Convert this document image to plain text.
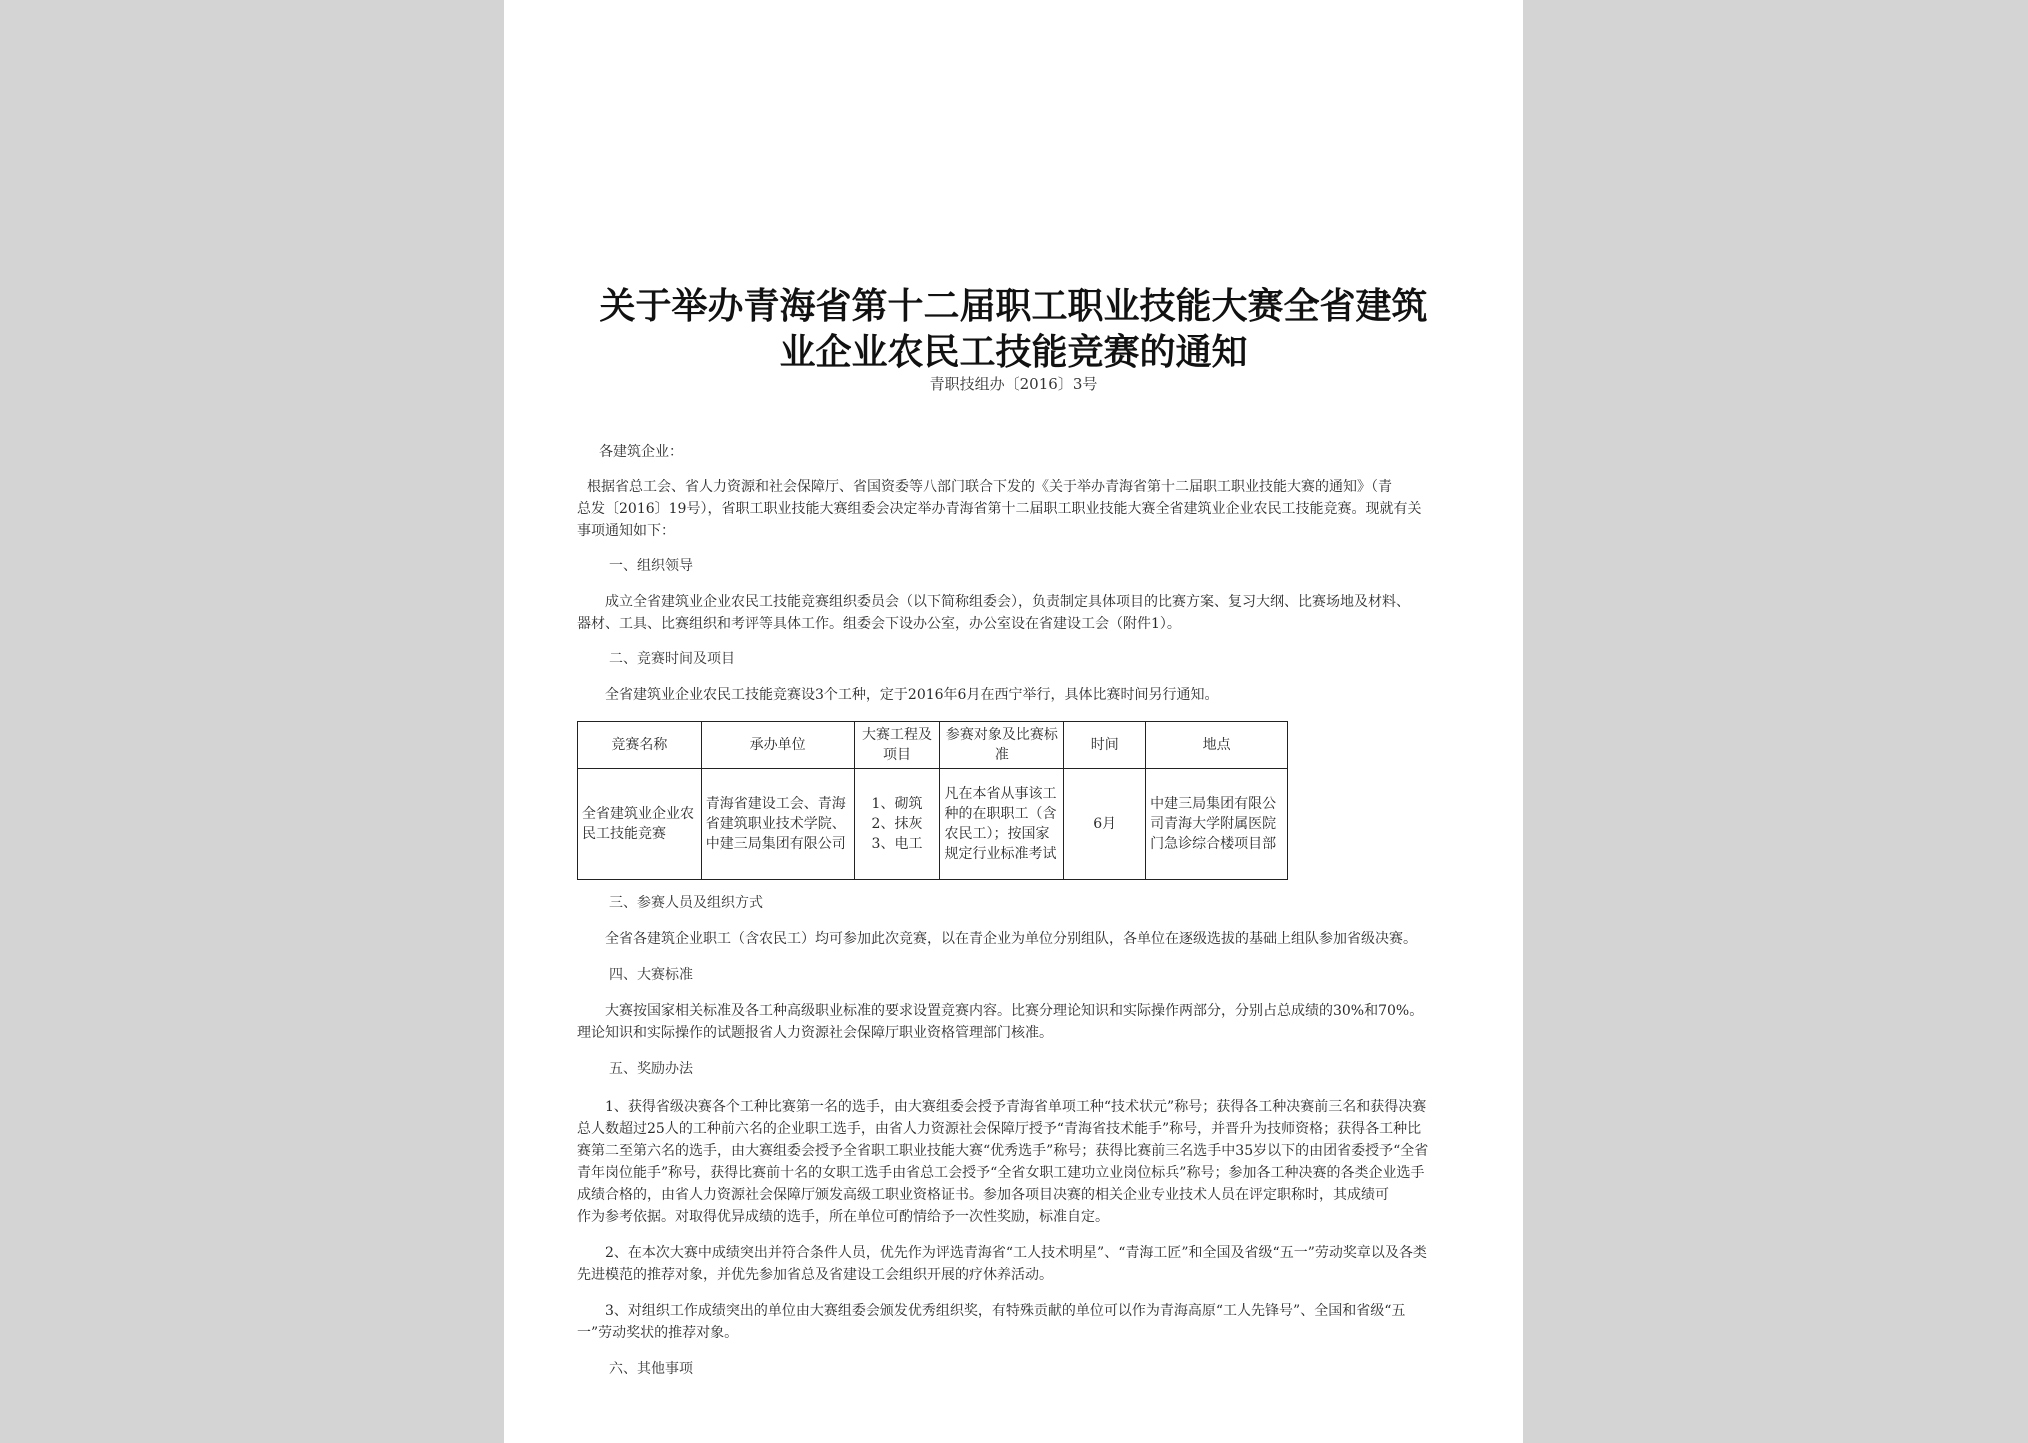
关于举办青海省第十二届职工职业技能大赛全省建筑
业企业农民工技能竞赛的通知
青职技组办〔2016〕3号
各建筑企业：
根据省总工会、省人力资源和社会保障厅、省国资委等八部门联合下发的《关于举办青海省第十二届职工职业技能大赛的通知》（青
总发〔2016〕19号），省职工职业技能大赛组委会决定举办青海省第十二届职工职业技能大赛全省建筑业企业农民工技能竞赛。现就有关
事项通知如下：
一、组织领导
成立全省建筑业企业农民工技能竞赛组织委员会（以下简称组委会），负责制定具体项目的比赛方案、复习大纲、比赛场地及材料、
器材、工具、比赛组织和考评等具体工作。组委会下设办公室，办公室设在省建设工会（附件1）。
二、竞赛时间及项目
全省建筑业企业农民工技能竞赛设3个工种，定于2016年6月在西宁举行，具体比赛时间另行通知。
竞赛名称	承办单位	大赛工程及项目	参赛对象及比赛标准	时间	地点
全省建筑业企业农民工技能竞赛	青海省建设工会、青海省建筑职业技术学院、中建三局集团有限公司	1、砌筑
2、抹灰
3、电工	凡在本省从事该工种的在职职工（含农民工）；按国家规定行业标准考试	6月	中建三局集团有限公司青海大学附属医院门急诊综合楼项目部
三、参赛人员及组织方式
全省各建筑企业职工（含农民工）均可参加此次竞赛，以在青企业为单位分别组队，各单位在逐级选拔的基础上组队参加省级决赛。
四、大赛标准
大赛按国家相关标准及各工种高级职业标准的要求设置竞赛内容。比赛分理论知识和实际操作两部分，分别占总成绩的30%和70%。
理论知识和实际操作的试题报省人力资源社会保障厅职业资格管理部门核准。
五、奖励办法
1、获得省级决赛各个工种比赛第一名的选手，由大赛组委会授予青海省单项工种“技术状元”称号；获得各工种决赛前三名和获得决赛
总人数超过25人的工种前六名的企业职工选手，由省人力资源社会保障厅授予“青海省技术能手”称号，并晋升为技师资格；获得各工种比
赛第二至第六名的选手，由大赛组委会授予全省职工职业技能大赛“优秀选手”称号；获得比赛前三名选手中35岁以下的由团省委授予“全省
青年岗位能手”称号，获得比赛前十名的女职工选手由省总工会授予“全省女职工建功立业岗位标兵”称号；参加各工种决赛的各类企业选手
成绩合格的，由省人力资源社会保障厅颁发高级工职业资格证书。参加各项目决赛的相关企业专业技术人员在评定职称时，其成绩可
作为参考依据。对取得优异成绩的选手，所在单位可酌情给予一次性奖励，标准自定。
2、在本次大赛中成绩突出并符合条件人员，优先作为评选青海省“工人技术明星”、“青海工匠”和全国及省级“五一”劳动奖章以及各类
先进模范的推荐对象，并优先参加省总及省建设工会组织开展的疗休养活动。
3、对组织工作成绩突出的单位由大赛组委会颁发优秀组织奖，有特殊贡献的单位可以作为青海高原“工人先锋号”、全国和省级“五
一”劳动奖状的推荐对象。
六、其他事项
